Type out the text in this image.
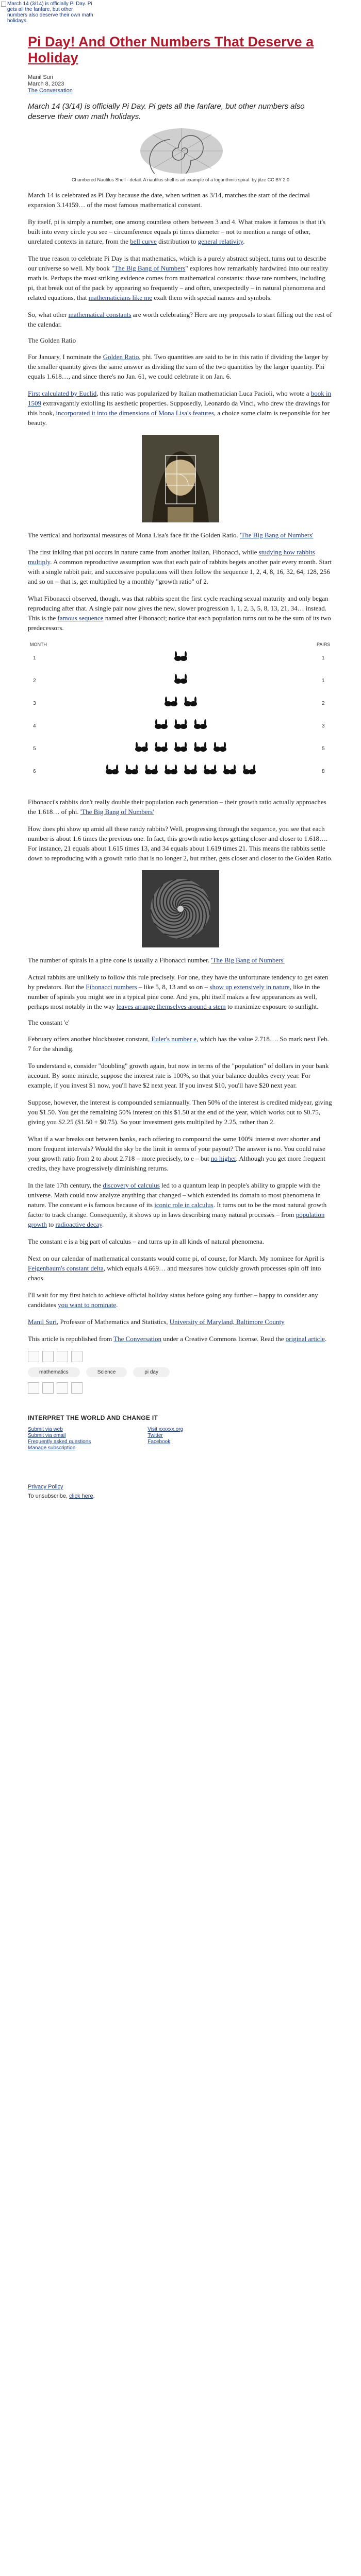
March 14 (3/14) is officially Pi Day. Pi gets all the fanfare, but other numbers also deserve their own math holidays.
Pi Day! And Other Numbers That Deserve a Holiday
Manil Suri
March 8, 2023
The Conversation
March 14 (3/14) is officially Pi Day. Pi gets all the fanfare, but other numbers also deserve their own math holidays.
Chambered Nautilus Shell - detail. A nautilus shell is an example of a logarithmic spiral. by jitze CC BY 2.0

March 14 is celebrated as Pi Day because the date, when written as 3/14, matches the start of the decimal expansion 3.14159… of the most famous mathematical constant.

By itself, pi is simply a number, one among countless others between 3 and 4. What makes it famous is that it's built into every circle you see – circumference equals pi times diameter – not to mention a range of other, unrelated contexts in nature, from the bell curve distribution to general relativity.

The true reason to celebrate Pi Day is that mathematics, which is a purely abstract subject, turns out to describe our universe so well. My book "The Big Bang of Numbers" explores how remarkably hardwired into our reality math is. Perhaps the most striking evidence comes from mathematical constants: those rare numbers, including pi, that break out of the pack by appearing so frequently – and often, unexpectedly – in natural phenomena and related equations, that mathematicians like me exalt them with special names and symbols.

So, what other mathematical constants are worth celebrating? Here are my proposals to start filling out the rest of the calendar.

The Golden Ratio

For January, I nominate the Golden Ratio, phi. Two quantities are said to be in this ratio if dividing the larger by the smaller quantity gives the same answer as dividing the sum of the two quantities by the larger quantity. Phi equals 1.618…, and since there's no Jan. 61, we could celebrate it on Jan. 6.

First calculated by Euclid, this ratio was popularized by Italian mathematician Luca Pacioli, who wrote a book in 1509 extravagantly extolling its aesthetic properties. Supposedly, Leonardo da Vinci, who drew the drawings for this book, incorporated it into the dimensions of Mona Lisa's features, a choice some claim is responsible for her beauty.

The vertical and horizontal measures of Mona Lisa's face fit the Golden Ratio. 'The Big Bang of Numbers'

The first inkling that phi occurs in nature came from another Italian, Fibonacci, while studying how rabbits multiply. A common reproductive assumption was that each pair of rabbits begets another pair every month. Start with a single rabbit pair, and successive populations will then follow the sequence 1, 2, 4, 8, 16, 32, 64, 128, 256 and so on – that is, get multiplied by a monthly "growth ratio" of 2.

What Fibonacci observed, though, was that rabbits spent the first cycle reaching sexual maturity and only began reproducing after that. A single pair now gives the new, slower progression 1, 1, 2, 3, 5, 8, 13, 21, 34… instead. This is the famous sequence named after Fibonacci; notice that each population turns out to be the sum of its two predecessors.

MONTH	PAIRS
1	1
2	1
3	2
4	3
5	5
6	8
Fibonacci's rabbits don't really double their population each generation – their growth ratio actually approaches the 1.618… of phi. 'The Big Bang of Numbers'

How does phi show up amid all these randy rabbits? Well, progressing through the sequence, you see that each number is about 1.6 times the previous one. In fact, this growth ratio keeps getting closer and closer to 1.618…. For instance, 21 equals about 1.615 times 13, and 34 equals about 1.619 times 21. This means the rabbits settle down to reproducing with a growth ratio that is no longer 2, but rather, gets closer and closer to the Golden Ratio.

The number of spirals in a pine cone is usually a Fibonacci number. 'The Big Bang of Numbers'

Actual rabbits are unlikely to follow this rule precisely. For one, they have the unfortunate tendency to get eaten by predators. But the Fibonacci numbers – like 5, 8, 13 and so on – show up extensively in nature, like in the number of spirals you might see in a typical pine cone. And yes, phi itself makes a few appearances as well, perhaps most notably in the way leaves arrange themselves around a stem to maximize exposure to sunlight.

The constant 'e'

February offers another blockbuster constant, Euler's number e, which has the value 2.718…. So mark next Feb. 7 for the shindig.

To understand e, consider "doubling" growth again, but now in terms of the "population" of dollars in your bank account. By some miracle, suppose the interest rate is 100%, so that your balance doubles every year. For example, if you invest $1 now, you'll have $2 next year. If you invest $10, you'll have $20 next year.

Suppose, however, the interest is compounded semiannually. Then 50% of the interest is credited midyear, giving you $1.50. You get the remaining 50% interest on this $1.50 at the end of the year, which works out to $0.75, giving you $2.25 ($1.50 + $0.75). So your investment gets multiplied by 2.25, rather than 2.

What if a war breaks out between banks, each offering to compound the same 100% interest over shorter and more frequent intervals? Would the sky be the limit in terms of your payout? The answer is no. You could raise your growth ratio from 2 to about 2.718 – more precisely, to e – but no higher. Although you get more frequent credits, they have progressively diminishing returns.

In the late 17th century, the discovery of calculus led to a quantum leap in people's ability to grapple with the universe. Math could now analyze anything that changed – which extended its domain to most phenomena in nature. The constant e is famous because of its iconic role in calculus. It turns out to be the most natural growth factor to track change. Consequently, it shows up in laws describing many natural processes – from population growth to radioactive decay.

The constant e is a big part of calculus – and turns up in all kinds of natural phenomena.

Next on our calendar of mathematical constants would come pi, of course, for March. My nominee for April is Feigenbaum's constant delta, which equals 4.669… and measures how quickly growth processes spin off into chaos.

I'll wait for my first batch to achieve official holiday status before going any further – happy to consider any candidates you want to nominate.

Manil Suri, Professor of Mathematics and Statistics, University of Maryland, Baltimore County

This article is republished from The Conversation under a Creative Commons license. Read the original article.

mathematics	Science	pi day
INTERPRET THE WORLD AND CHANGE IT
Submit via web
Submit via email
Frequently asked questions
Manage subscription
Visit xxxxxx.org
Twitter
Facebook
Privacy Policy
To unsubscribe, click here.
